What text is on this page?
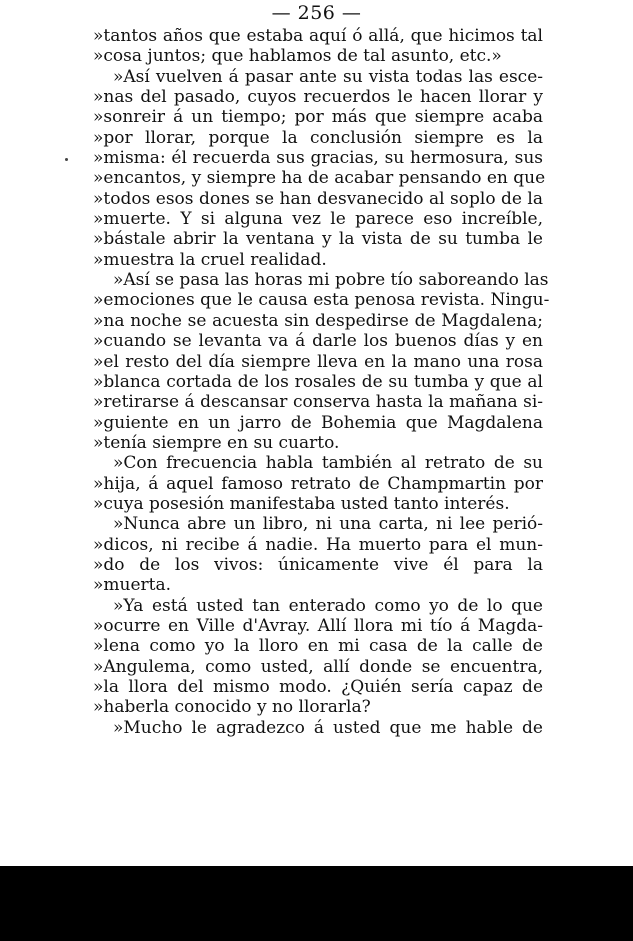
— 256 —
»tantos años que estaba aquí ó allá, que hicimos tal
»cosa juntos; que hablamos de tal asunto, etc.»
»Así vuelven á pasar ante su vista todas las esce-
»nas del pasado, cuyos recuerdos le hacen llorar y
»sonreir á un tiempo; por más que siempre acaba
»por llorar, porque la conclusión siempre es la
»misma: él recuerda sus gracias, su hermosura, sus
»encantos, y siempre ha de acabar pensando en que
»todos esos dones se han desvanecido al soplo de la
»muerte. Y si alguna vez le parece eso increíble,
»bástale abrir la ventana y la vista de su tumba le
»muestra la cruel realidad.
»Así se pasa las horas mi pobre tío saboreando las
»emociones que le causa esta penosa revista. Ningu-
»na noche se acuesta sin despedirse de Magdalena;
»cuando se levanta va á darle los buenos días y en
»el resto del día siempre lleva en la mano una rosa
»blanca cortada de los rosales de su tumba y que al
»retirarse á descansar conserva hasta la mañana si-
»guiente en un jarro de Bohemia que Magdalena
»tenía siempre en su cuarto.
»Con frecuencia habla también al retrato de su
»hija, á aquel famoso retrato de Champmartin por
»cuya posesión manifestaba usted tanto interés.
»Nunca abre un libro, ni una carta, ni lee perió-
»dicos, ni recibe á nadie. Ha muerto para el mun-
»do de los vivos: únicamente vive él para la
»muerta.
»Ya está usted tan enterado como yo de lo que
»ocurre en Ville d'Avray. Allí llora mi tío á Magda-
»lena como yo la lloro en mi casa de la calle de
»Angulema, como usted, allí donde se encuentra,
»la llora del mismo modo. ¿Quién sería capaz de
»haberla conocido y no llorarla?
»Mucho le agradezco á usted que me hable de
